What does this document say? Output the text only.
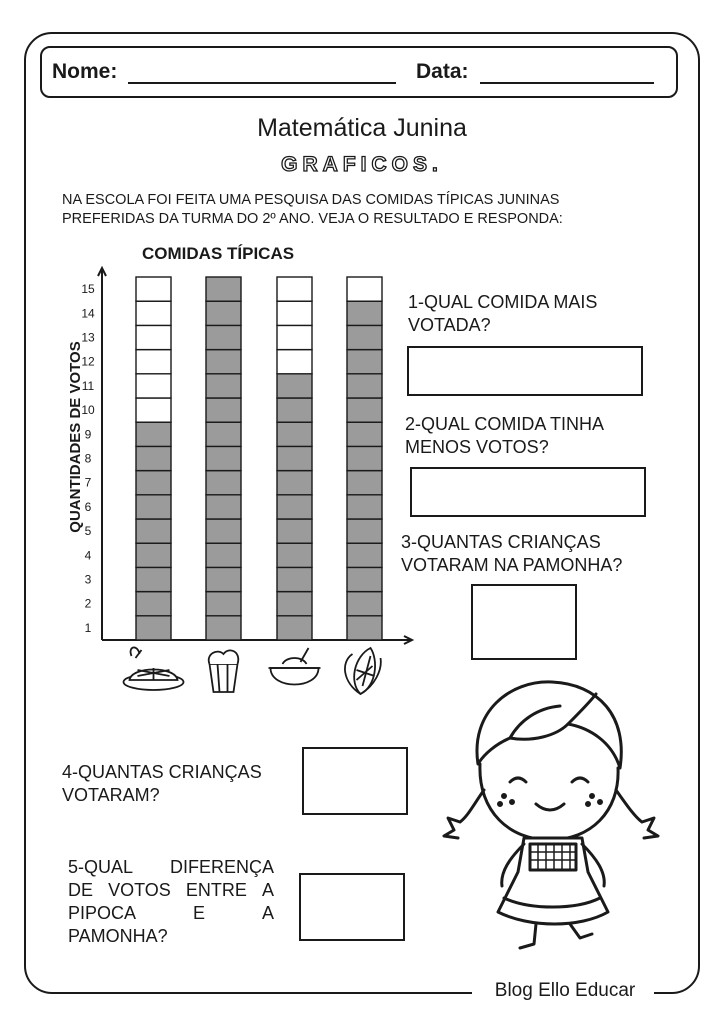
Blog Ello Educar
Nome:	Data:
Matemática Junina
GRAFICOS.
NA ESCOLA FOI FEITA UMA PESQUISA DAS COMIDAS TÍPICAS JUNINAS
PREFERIDAS DA TURMA DO 2º ANO. VEJA O RESULTADO E RESPONDA:
COMIDAS TÍPICAS
1
2
3
4
5
6
7
8
9
10
11
12
13
14
15
QUANTIDADES DE VOTOS
1-QUAL COMIDA MAIS
VOTADA?
2-QUAL COMIDA TINHA
MENOS VOTOS?
3-QUANTAS CRIANÇAS
VOTARAM NA PAMONHA?
4-QUANTAS CRIANÇAS
VOTARAM?
5-QUAL DIFERENÇA
DE VOTOS ENTRE A
PIPOCA	E	A
PAMONHA?
